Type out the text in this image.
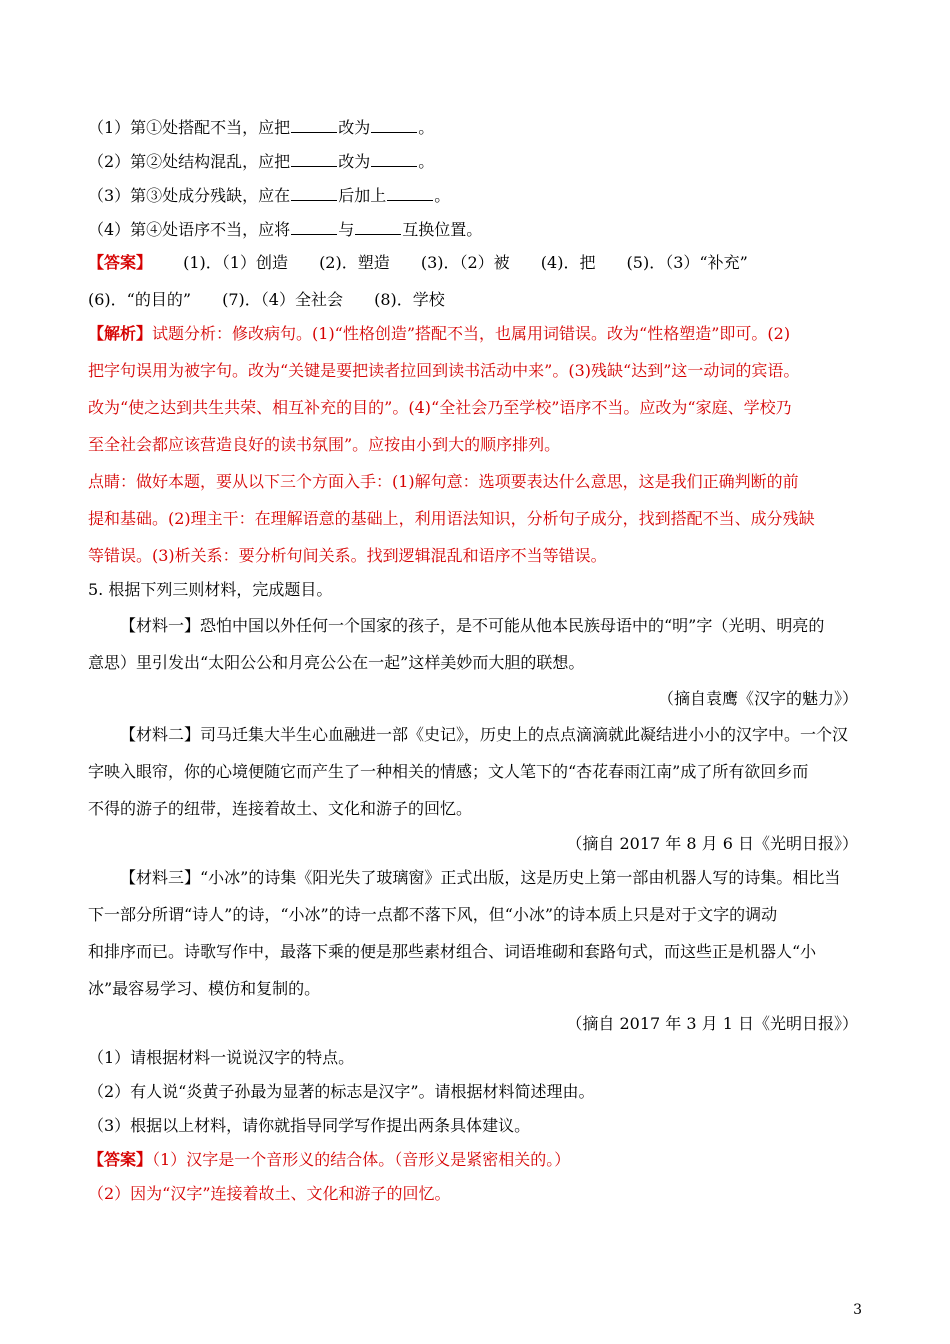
（1）第①处搭配不当，应把	改为	。
（2）第②处结构混乱，应把	改为	。
（3）第③处成分残缺，应在	后加上	。
（4）第④处语序不当，应将	与	互换位置。
【答案】 (1)．（1）创造 (2)．塑造 (3)．（2）被 (4)．把 (5)．（3）“补充”
(6)．“的目的” (7)．（4）全社会 (8)．学校
【解析】试题分析：修改病句。(1)“性格创造”搭配不当，也属用词错误。改为“性格塑造”即可。(2)
把字句误用为被字句。改为“关键是要把读者拉回到读书活动中来”。(3)残缺“达到”这一动词的宾语。
改为“使之达到共生共荣、相互补充的目的”。(4)“全社会乃至学校”语序不当。应改为“家庭、学校乃
至全社会都应该营造良好的读书氛围”。应按由小到大的顺序排列。
点睛：做好本题，要从以下三个方面入手：(1)解句意：选项要表达什么意思，这是我们正确判断的前
提和基础。(2)理主干：在理解语意的基础上，利用语法知识，分析句子成分，找到搭配不当、成分残缺
等错误。(3)析关系：要分析句间关系。找到逻辑混乱和语序不当等错误。
5. 根据下列三则材料，完成题目。
【材料一】恐怕中国以外任何一个国家的孩子，是不可能从他本民族母语中的“明”字（光明、明亮的
意思）里引发出“太阳公公和月亮公公在一起”这样美妙而大胆的联想。
（摘自袁鹰《汉字的魅力》）
【材料二】司马迁集大半生心血融进一部《史记》，历史上的点点滴滴就此凝结进小小的汉字中。一个汉
字映入眼帘，你的心境便随它而产生了一种相关的情感；文人笔下的“杏花春雨江南”成了所有欲回乡而
不得的游子的纽带，连接着故土、文化和游子的回忆。
（摘自 2017 年 8 月 6 日《光明日报》）
【材料三】“小冰”的诗集《阳光失了玻璃窗》正式出版，这是历史上第一部由机器人写的诗集。相比当
下一部分所谓“诗人”的诗，“小冰”的诗一点都不落下风，但“小冰”的诗本质上只是对于文字的调动
和排序而已。诗歌写作中，最落下乘的便是那些素材组合、词语堆砌和套路句式，而这些正是机器人“小
冰”最容易学习、模仿和复制的。
（摘自 2017 年 3 月 1 日《光明日报》）
（1）请根据材料一说说汉字的特点。
（2）有人说“炎黄子孙最为显著的标志是汉字”。请根据材料简述理由。
（3）根据以上材料，请你就指导同学写作提出两条具体建议。
【答案】（1）汉字是一个音形义的结合体。（音形义是紧密相关的。）
（2）因为“汉字”连接着故土、文化和游子的回忆。
3
